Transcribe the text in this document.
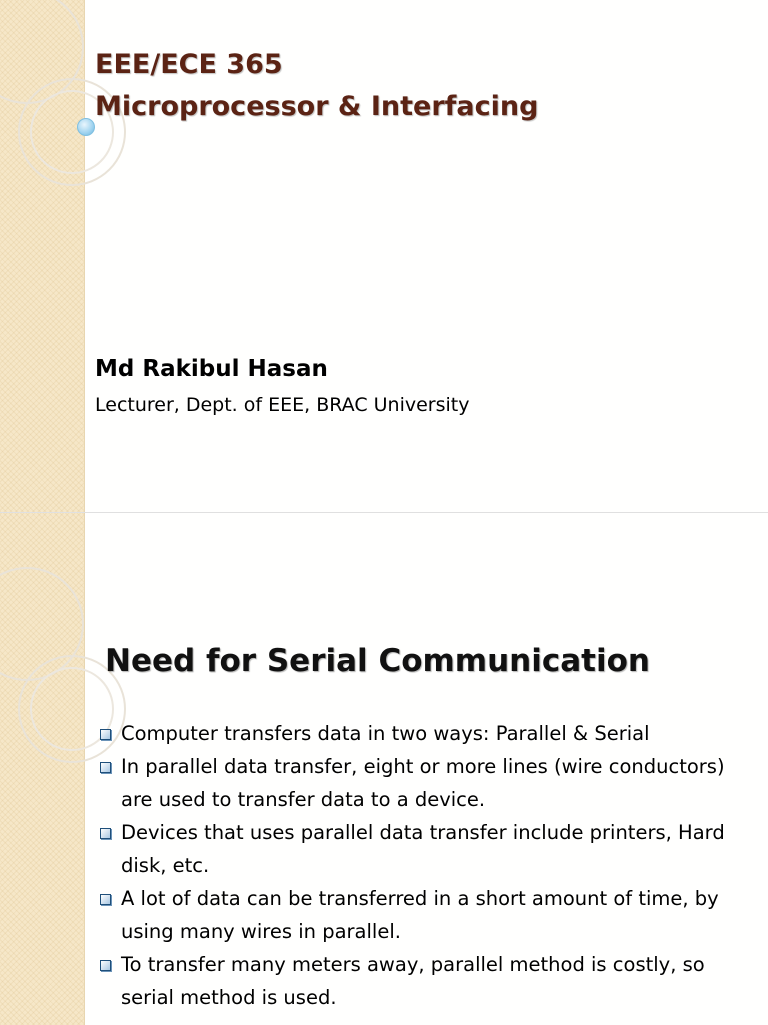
EEE/ECE 365
Microprocessor & Interfacing
Md Rakibul Hasan
Lecturer, Dept. of EEE, BRAC University
Need for Serial Communication
Computer transfers data in two ways: Parallel & Serial
In parallel data transfer, eight or more lines (wire conductors) are used to transfer data to a device.
Devices that uses parallel data transfer include printers, Hard disk, etc.
A lot of data can be transferred in a short amount of time, by using many wires in parallel.
To transfer many meters away, parallel method is costly, so serial method is used.
